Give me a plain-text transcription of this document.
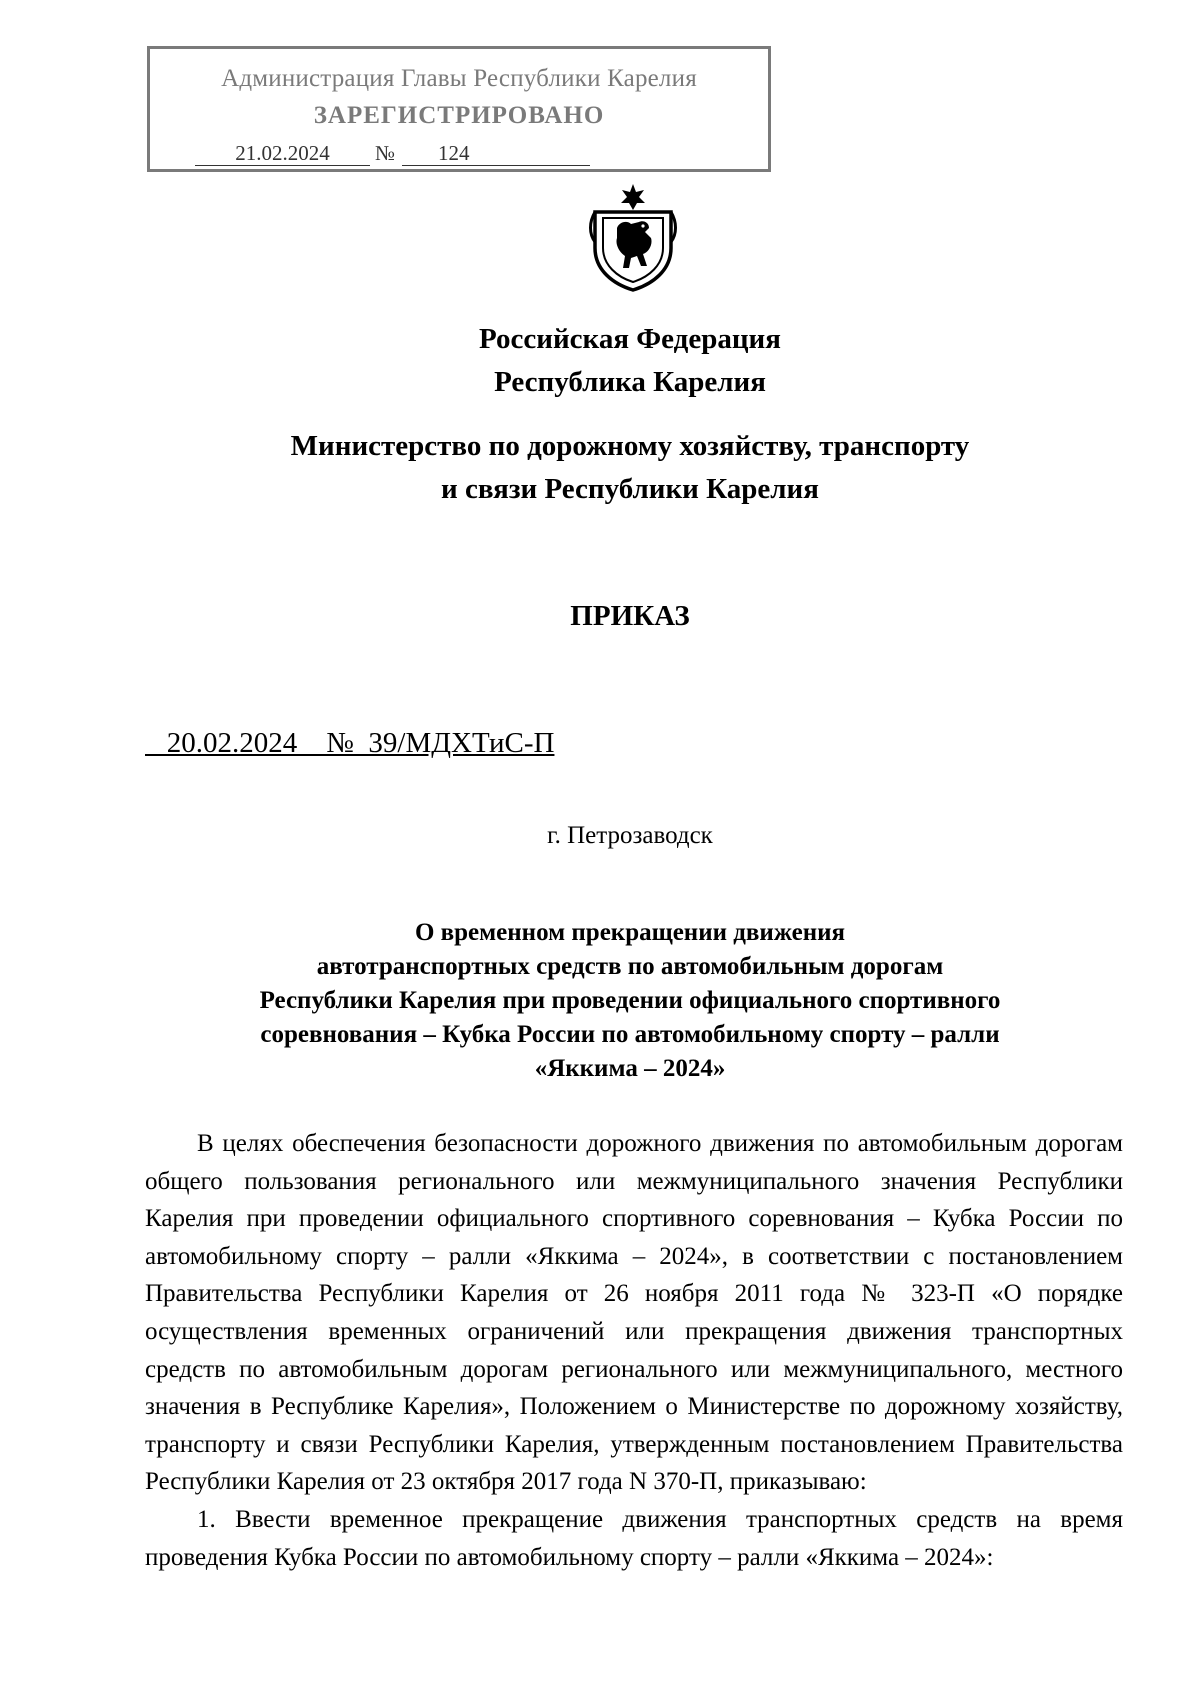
Администрация Главы Республики Карелия
ЗАРЕГИСТРИРОВАНО
21.02.2024	№	124
Российская Федерация
Республика Карелия
Министерство по дорожному хозяйству, транспорту
и связи Республики Карелия
ПРИКАЗ
20.02.2024    №  39/МДХТиС-П
г. Петрозаводск
О временном прекращении движения
автотранспортных средств по автомобильным дорогам
Республики Карелия при проведении официального спортивного
соревнования – Кубка России по автомобильному спорту – ралли
«Яккима – 2024»

В целях обеспечения безопасности дорожного движения по автомобильным дорогам общего пользования регионального или межмуниципального значения Республики Карелия при проведении официального спортивного соревнования – Кубка России по автомобильному спорту – ралли «Яккима – 2024», в соответствии с постановлением Правительства Республики Карелия от 26 ноября 2011 года № 323-П «О порядке осуществления временных ограничений или прекращения движения транспортных средств по автомобильным дорогам регионального или межмуниципального, местного значения в Республике Карелия», Положением о Министерстве по дорожному хозяйству, транспорту и связи Республики Карелия, утвержденным постановлением Правительства Республики Карелия от 23 октября 2017 года N 370-П, приказываю:

1. Ввести временное прекращение движения транспортных средств на время проведения Кубка России по автомобильному спорту – ралли «Яккима – 2024»:
